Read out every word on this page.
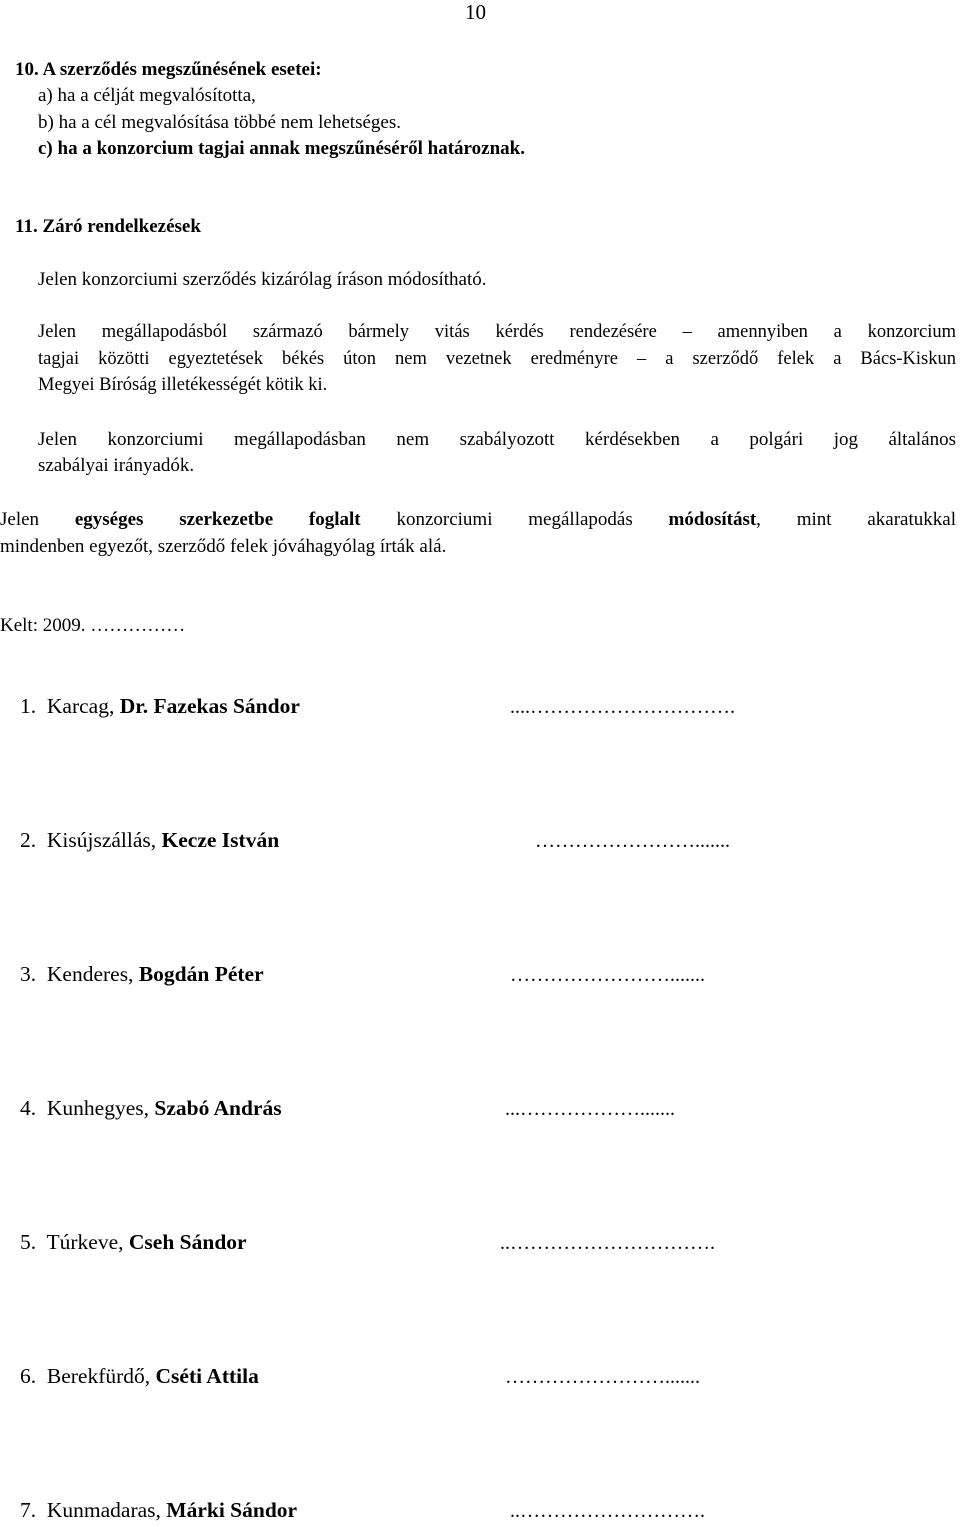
10
10. A szerződés megszűnésének esetei:
a) ha a célját megvalósította,
b) ha a cél megvalósítása többé nem lehetséges.
c) ha a konzorcium tagjai annak megszűnéséről határoznak.
11. Záró rendelkezések
Jelen konzorciumi szerződés kizárólag íráson módosítható.
Jelen megállapodásból származó bármely vitás kérdés rendezésére – amennyiben a konzorcium
tagjai közötti egyeztetések békés úton nem vezetnek eredményre – a szerződő felek a Bács-Kiskun
Megyei Bíróság illetékességét kötik ki.
Jelen konzorciumi megállapodásban nem szabályozott kérdésekben a polgári jog általános
szabályai irányadók.
Jelen egységes szerkezetbe foglalt konzorciumi megállapodás módosítást, mint akaratukkal
mindenben egyezőt, szerződő felek jóváhagyólag írták alá.
Kelt: 2009. ……………
1. Karcag, Dr. Fazekas Sándor	....………………………….
2. Kisújszállás, Kecze István	…………………….......
3. Kenderes, Bogdán Péter	…………………….......
4. Kunhegyes, Szabó András	...……………….......
5. Túrkeve, Cseh Sándor	..………………………….
6. Berekfürdő, Cséti Attila	…………………….......
7. Kunmadaras, Márki Sándor	..……………………….
